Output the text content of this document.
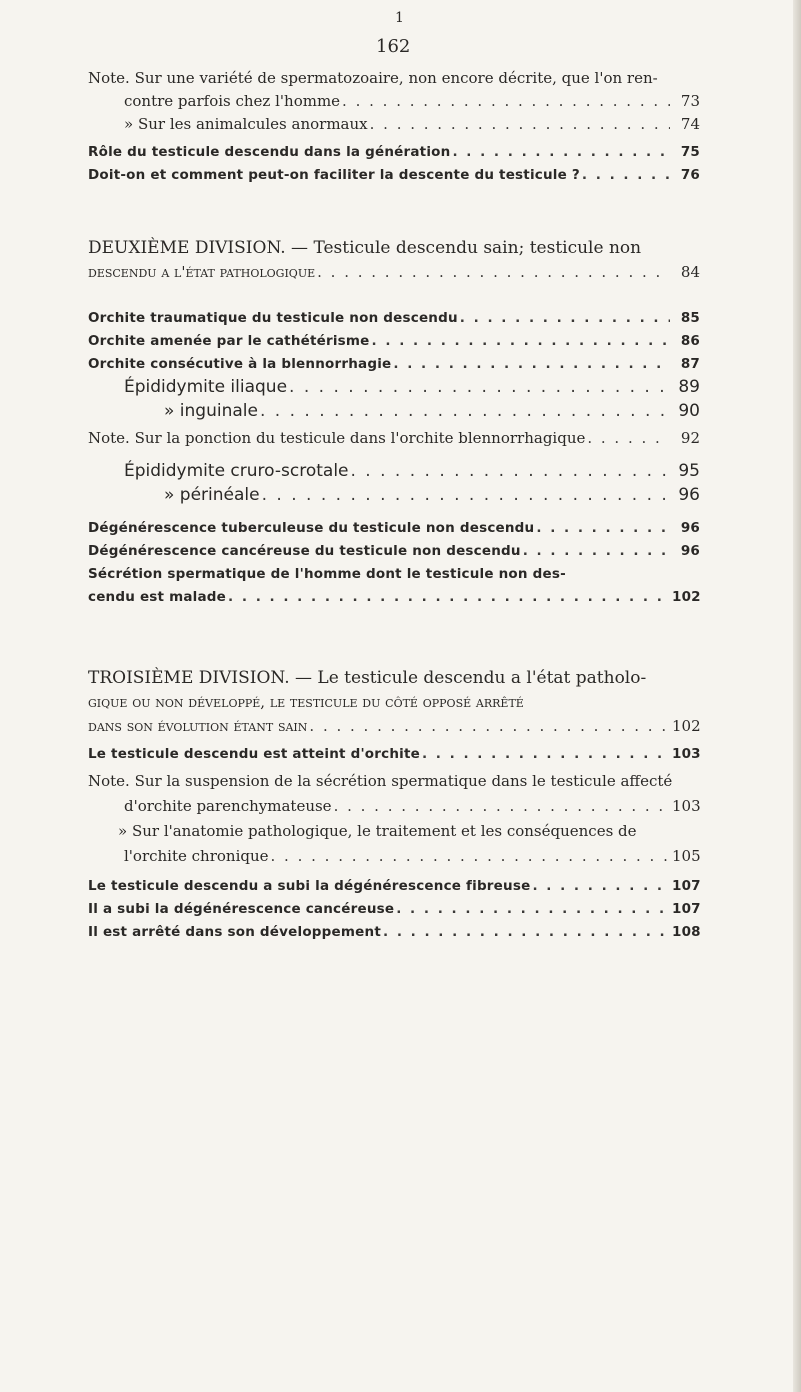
1
162
Note. Sur une variété de spermatozoaire, non encore décrite, que l'on ren-
contre parfois chez l'homme . . .	73
» Sur les animalcules anormaux . . .	74
Rôle du testicule descendu dans la génération . . .	75
Doit-on et comment peut-on faciliter la descente du testicule ? . . .	76
DEUXIÈME DIVISION. — Testicule descendu sain; testicule non
descendu a l'état pathologique . . .	84
Orchite traumatique du testicule non descendu . . .	85
Orchite amenée par le cathétérisme . . .	86
Orchite consécutive à la blennorrhagie . . .	87
Épididymite iliaque . . .	89
» inguinale . . .	90
Note. Sur la ponction du testicule dans l'orchite blennorrhagique . . .	92
Épididymite cruro-scrotale . . .	95
» périnéale . . .	96
Dégénérescence tuberculeuse du testicule non descendu . . .	96
Dégénérescence cancéreuse du testicule non descendu . . .	96
Sécrétion spermatique de l'homme dont le testicule non des-
cendu est malade . . .	102
TROISIÈME DIVISION. — Le testicule descendu a l'état patholo-
gique ou non développé, le testicule du côté opposé arrêté
dans son évolution étant sain . . .	102
Le testicule descendu est atteint d'orchite . . .	103
Note. Sur la suspension de la sécrétion spermatique dans le testicule affecté
d'orchite parenchymateuse . . .	103
» Sur l'anatomie pathologique, le traitement et les conséquences de
l'orchite chronique . . .	105
Le testicule descendu a subi la dégénérescence fibreuse . . .	107
Il a subi la dégénérescence cancéreuse . . .	107
Il est arrêté dans son développement . . .	108
